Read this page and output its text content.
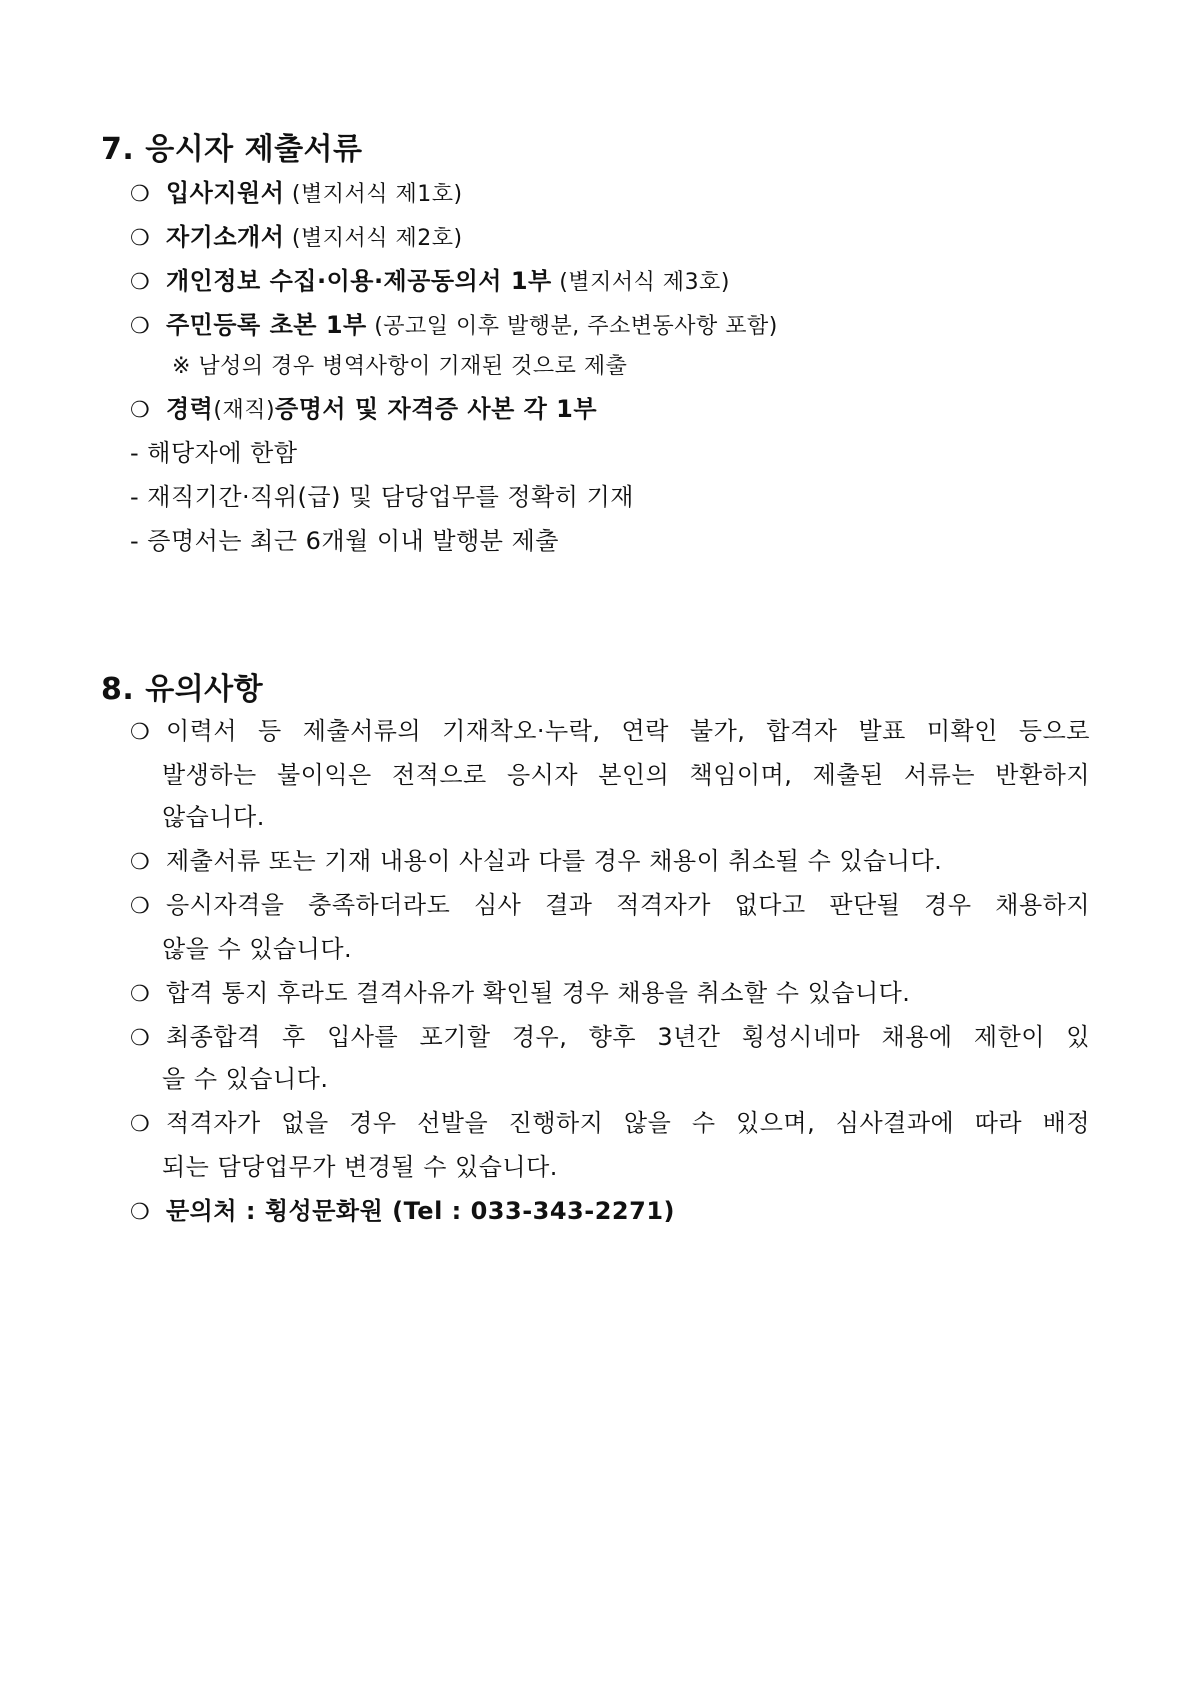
7. 응시자 제출서류
❍ 입사지원서 (별지서식 제1호)
❍ 자기소개서 (별지서식 제2호)
❍ 개인정보 수집·이용·제공동의서 1부 (별지서식 제3호)
❍ 주민등록 초본 1부 (공고일 이후 발행분, 주소변동사항 포함)
※ 남성의 경우 병역사항이 기재된 것으로 제출
❍ 경력(재직)증명서 및 자격증 사본 각 1부
- 해당자에 한함
- 재직기간·직위(급) 및 담당업무를 정확히 기재
- 증명서는 최근 6개월 이내 발행분 제출
8. 유의사항
❍ 이력서 등 제출서류의 기재착오·누락, 연락 불가, 합격자 발표 미확인 등으로
발생하는 불이익은 전적으로 응시자 본인의 책임이며, 제출된 서류는 반환하지
않습니다.
❍ 제출서류 또는 기재 내용이 사실과 다를 경우 채용이 취소될 수 있습니다.
❍ 응시자격을 충족하더라도 심사 결과 적격자가 없다고 판단될 경우 채용하지
않을 수 있습니다.
❍ 합격 통지 후라도 결격사유가 확인될 경우 채용을 취소할 수 있습니다.
❍ 최종합격 후 입사를 포기할 경우, 향후 3년간 횡성시네마 채용에 제한이 있
을 수 있습니다.
❍ 적격자가 없을 경우 선발을 진행하지 않을 수 있으며, 심사결과에 따라 배정
되는 담당업무가 변경될 수 있습니다.
❍ 문의처 : 횡성문화원 (Tel : 033-343-2271)
